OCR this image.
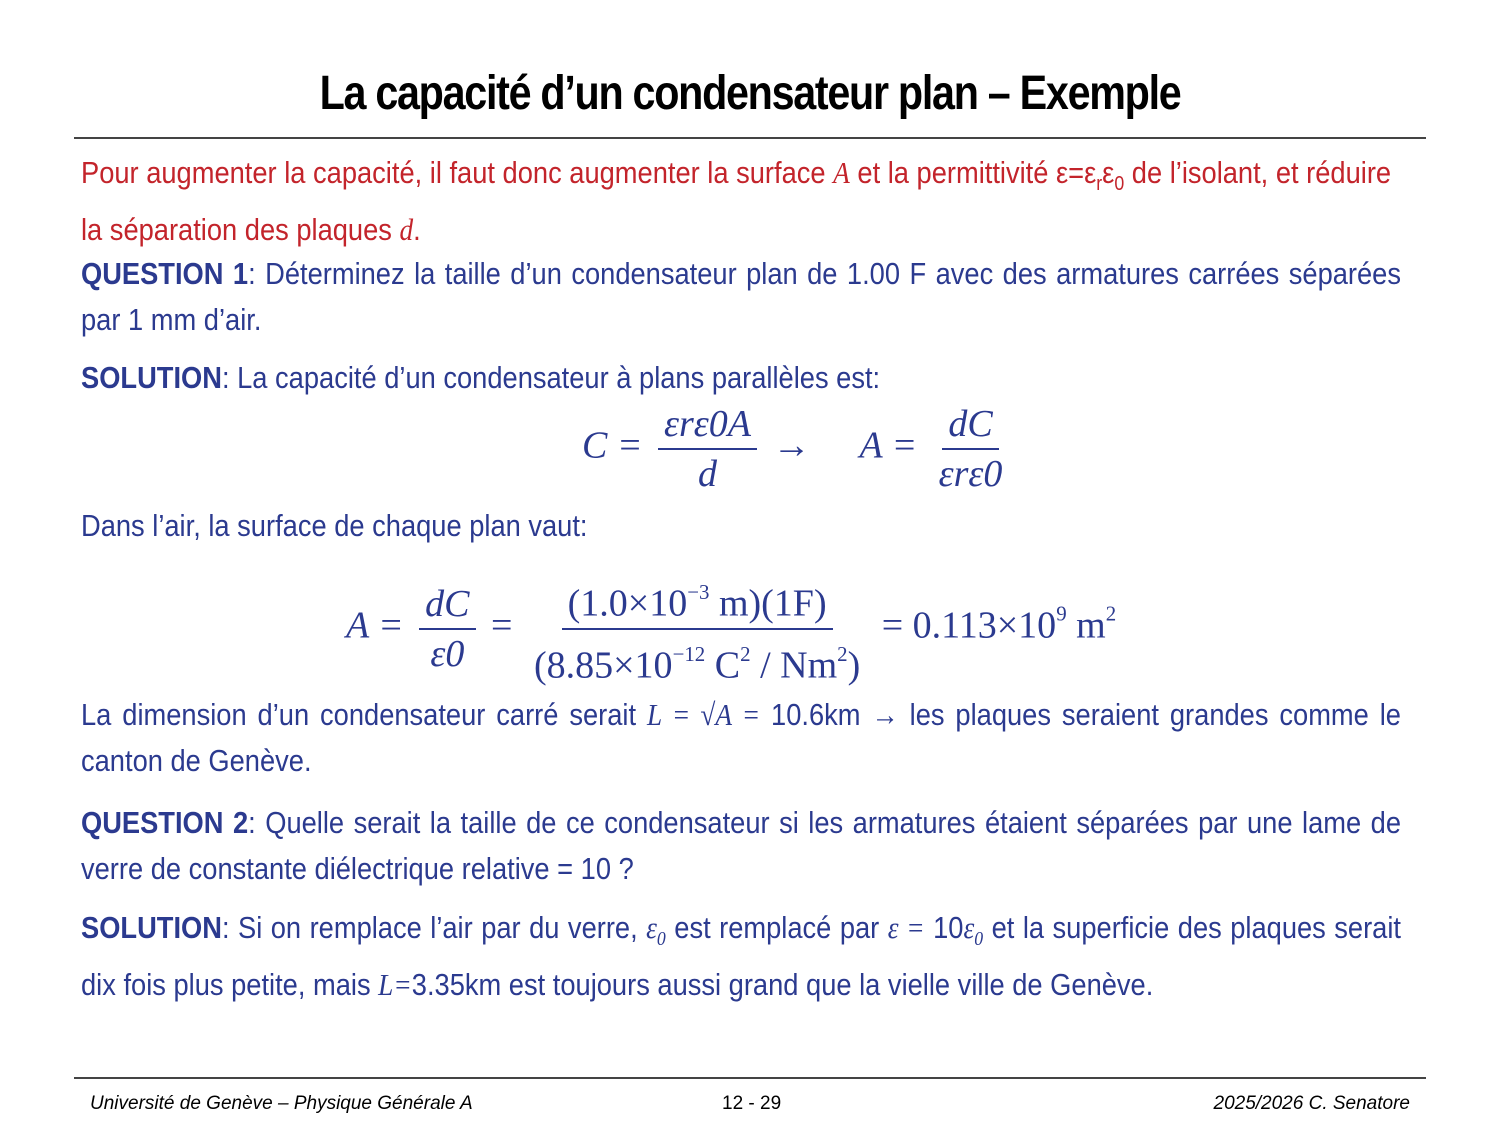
La capacité d’un condensateur plan – Exemple
Pour augmenter la capacité, il faut donc augmenter la surface A et la permittivité $\varepsilon=\varepsilon_r\varepsilon_0$ de l’isolant, et réduire la séparation des plaques d.
QUESTION 1: Déterminez la taille d’un condensateur plan de 1.00 F avec des armatures carrées séparées par 1 mm d’air.
SOLUTION: La capacité d’un condensateur à plans parallèles est:
$C = \frac{\text{εrε0A}}{d} \to A = \frac{dC}{\text{εrε0}}$
Dans l’air, la surface de chaque plan vaut:
$A = \frac{dC}{\varepsilon 0} = \frac{(1.0\times 10^{-3} m)(1F)}{(8.85\times 10^{-12} C^2 / Nm^2)} = 0.113\times 10^9$ $m^2$
La dimension d’un condensateur carré serait L = √A = 10.6km → les plaques seraient grandes comme le canton de Genève.
QUESTION 2: Quelle serait la taille de ce condensateur si les armatures étaient séparées par une lame de verre de constante diélectrique relative = 10 ?
SOLUTION: Si on remplace l’air par du verre, $\varepsilon_0$ est remplacé par $\varepsilon = 10\varepsilon_0$ et la superficie des plaques serait dix fois plus petite, mais L=3.35km est toujours aussi grand que la vielle ville de Genève.
Université de Genève – Physique Générale A	12 - 29	2025/2026 C. Senatore
